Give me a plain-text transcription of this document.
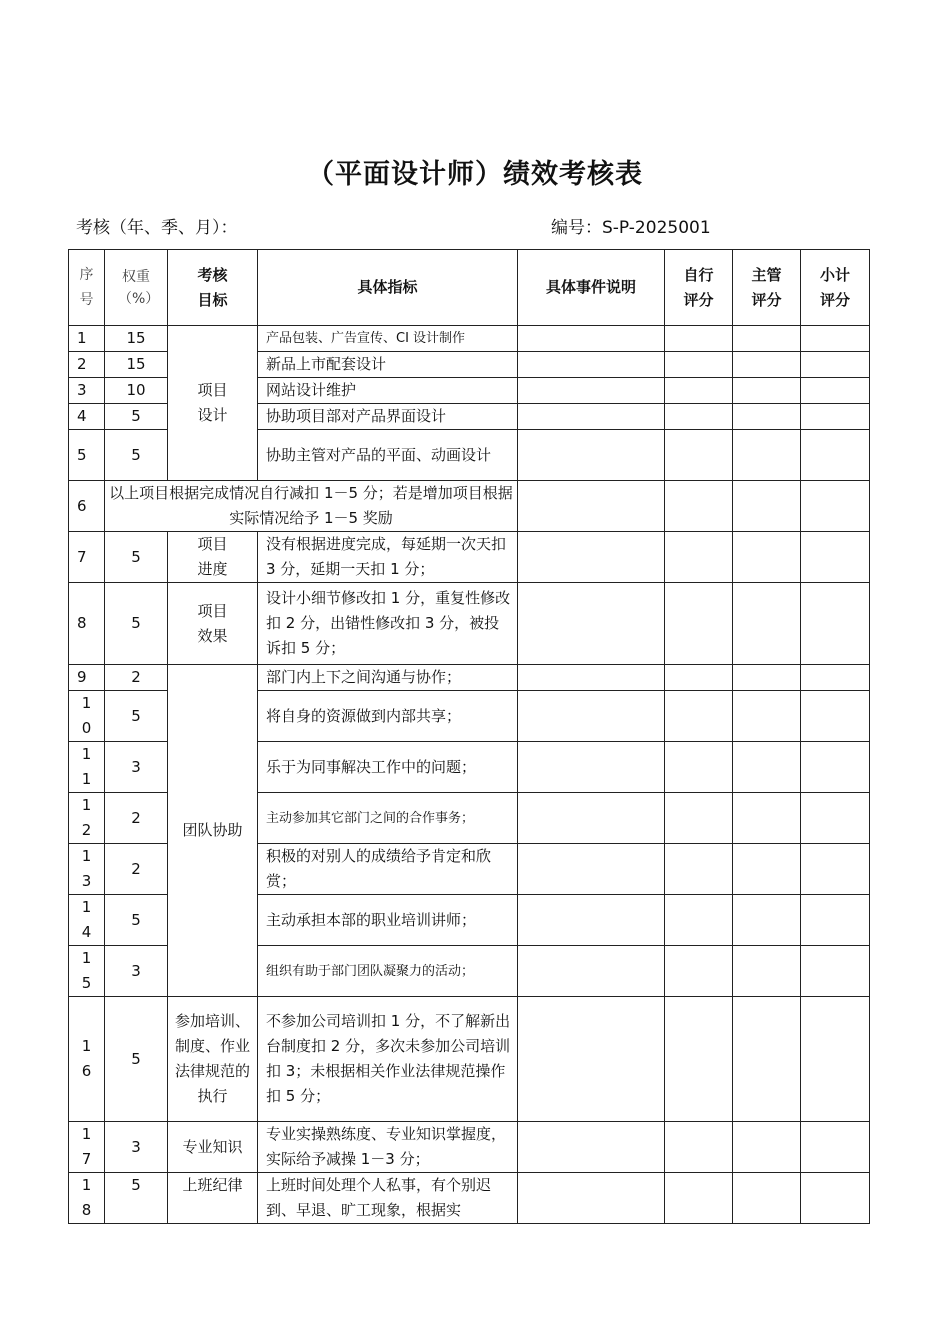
（平面设计师）绩效考核表
考核（年、季、月）：	编号：S-P-2025001
序号	权重（%）	考核目标	具体指标	具体事件说明	自行评分	主管评分	小计评分

1	15	项目设计	产品包装、广告宣传、CI 设计制作				
2	15		新品上市配套设计				
3	10		网站设计维护				
4	5		协助项目部对产品界面设计				
5	5		协助主管对产品的平面、动画设计				
6	以上项目根据完成情况自行减扣 1－5 分；若是增加项目根据实际情况给予 1－5 奖励						
7	5	项目进度	没有根据进度完成，每延期一次天扣 3 分，延期一天扣 1 分；				
8	5	项目效果	设计小细节修改扣 1 分，重复性修改扣 2 分，出错性修改扣 3 分，被投诉扣 5 分；				
9	2	团队协助	部门内上下之间沟通与协作；				

10	5		将自身的资源做到内部共享；				

11	3		乐于为同事解决工作中的问题；				

12	2		主动参加其它部门之间的合作事务；				

13	2		积极的对别人的成绩给予肯定和欣赏；				

14	5		主动承担本部的职业培训讲师；				

15	3		组织有助于部门团队凝聚力的活动；				

16	5	参加培训、制度、作业法律规范的执行	不参加公司培训扣 1 分，不了解新出台制度扣 2 分，多次未参加公司培训扣 3；未根据相关作业法律规范操作扣 5 分；				

17	3	专业知识	专业实操熟练度、专业知识掌握度，实际给予减操 1－3 分；				

18	5	上班纪律	上班时间处理个人私事，有个别迟到、早退、旷工现象，根据实				
